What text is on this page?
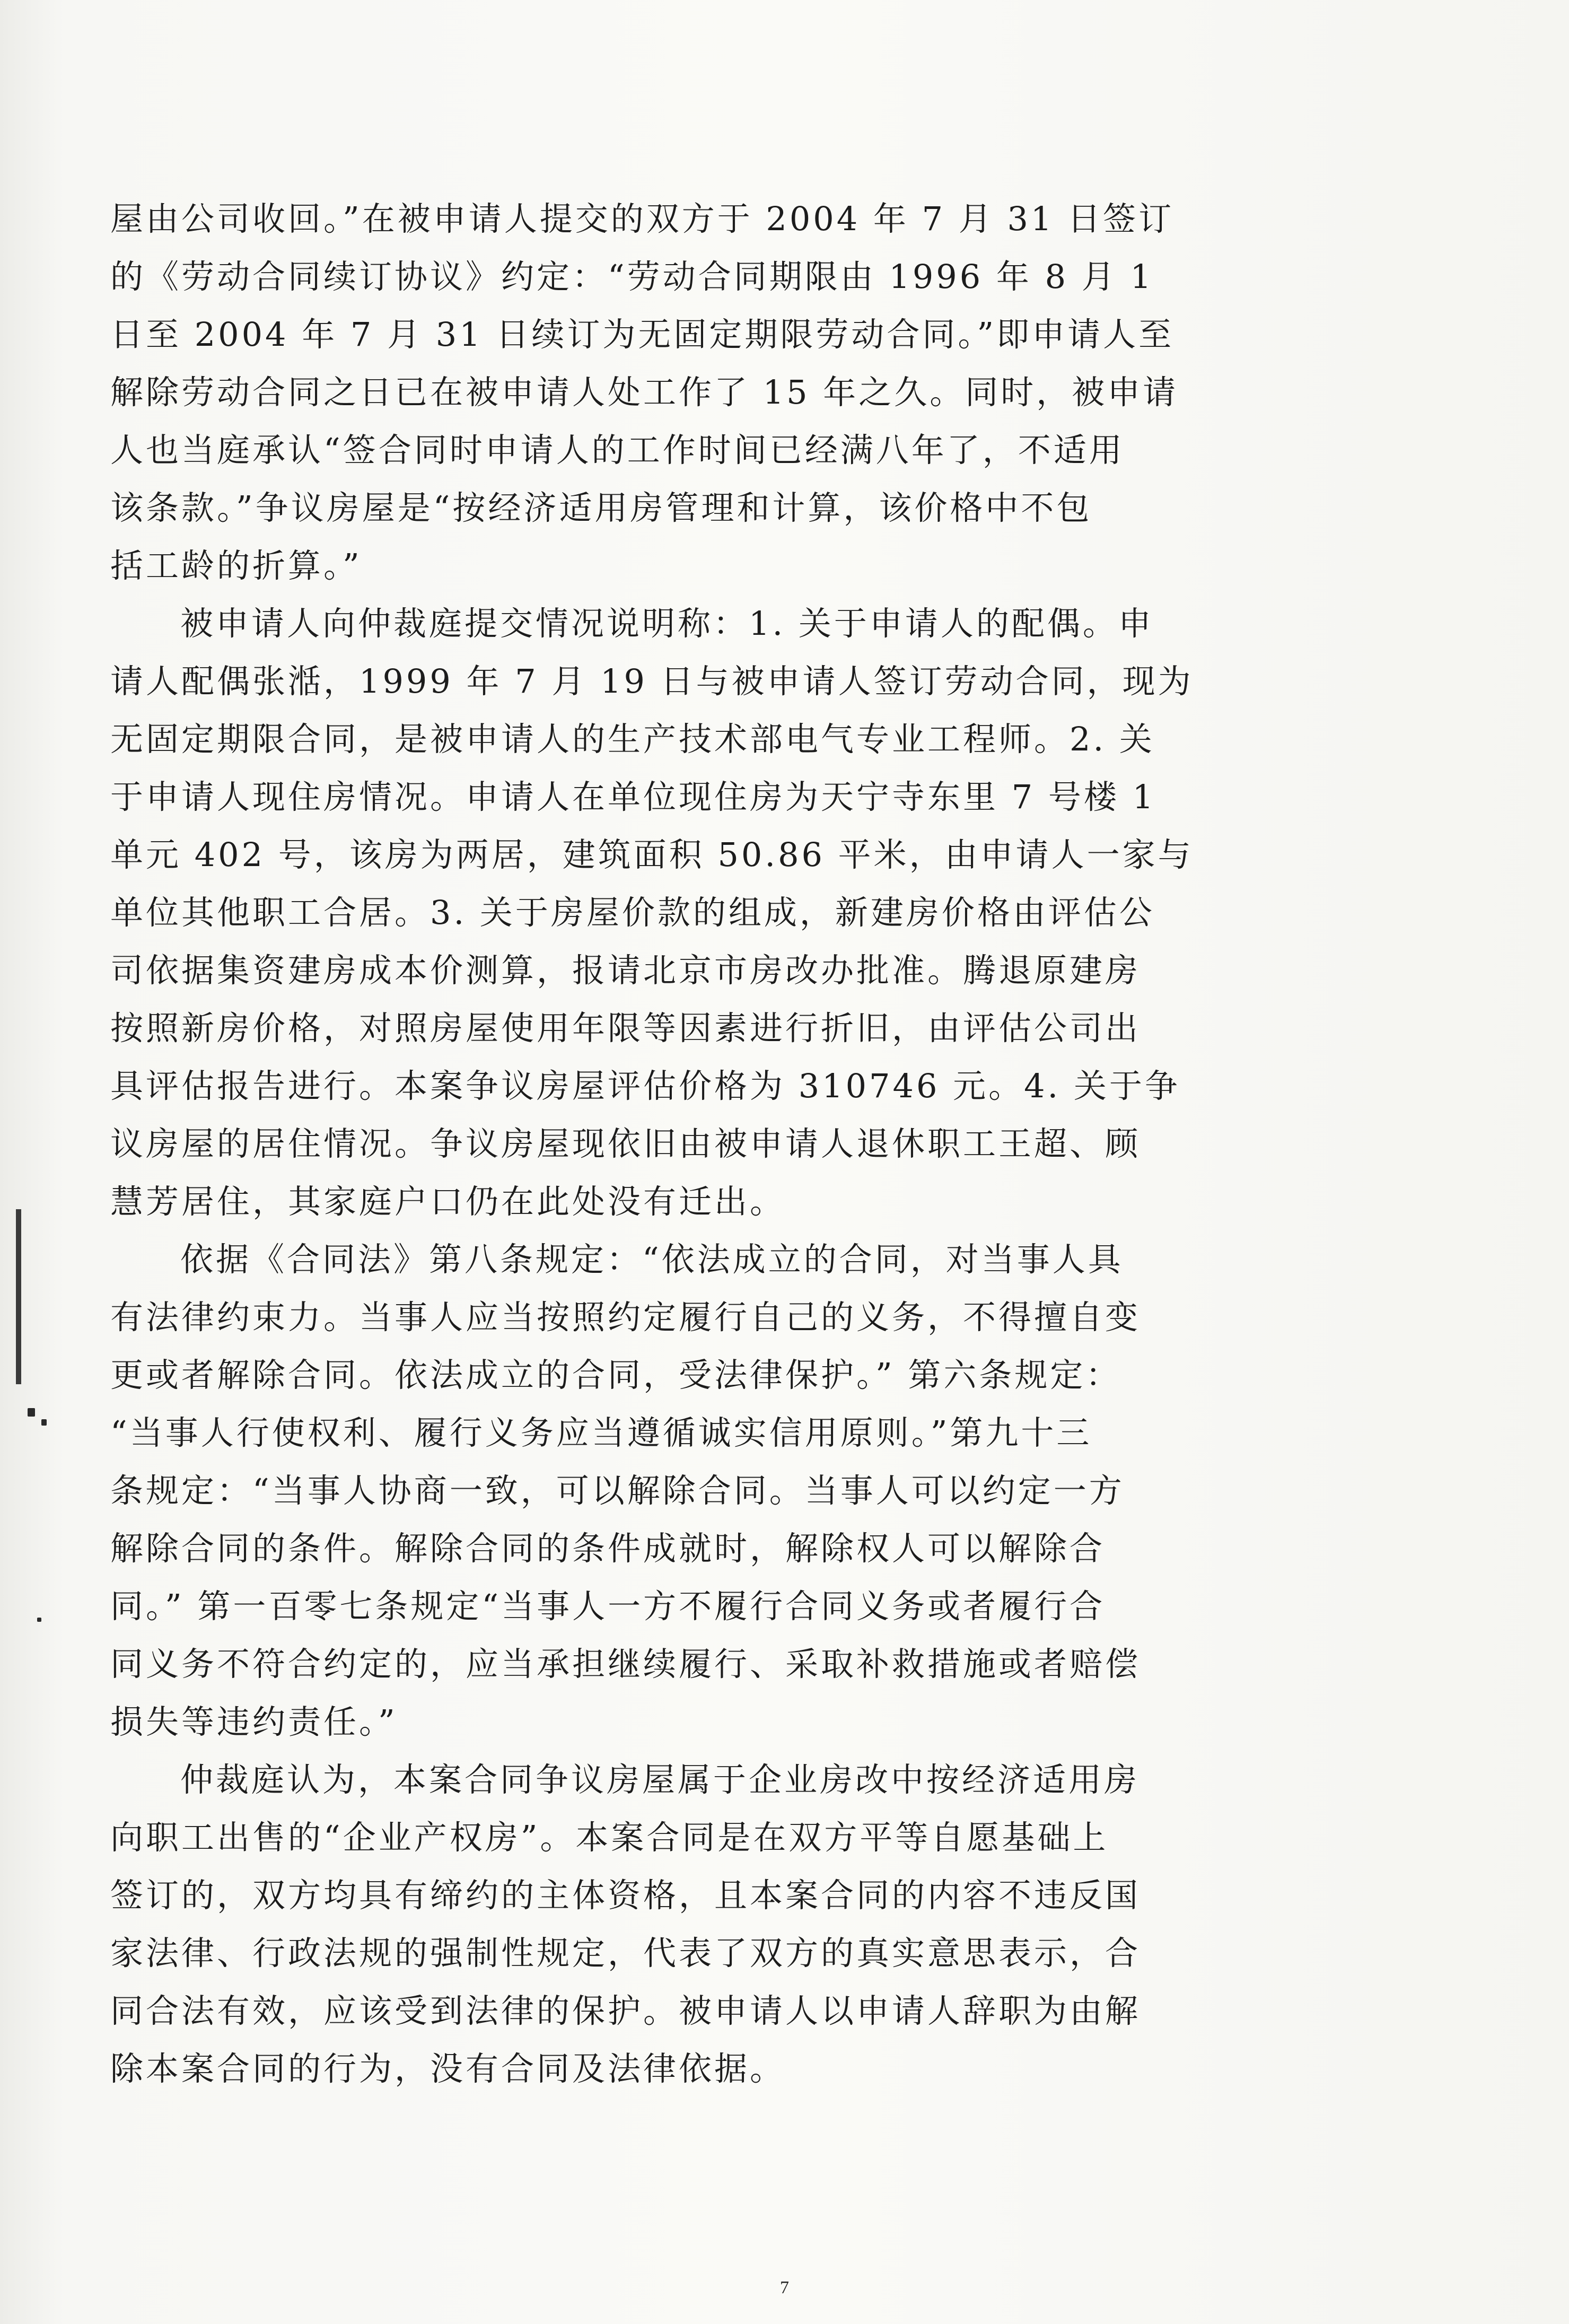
屋由公司收回。”在被申请人提交的双方于 2004 年 7 月 31 日签订
的《劳动合同续订协议》约定：“劳动合同期限由 1996 年 8 月 1
日至 2004 年 7 月 31 日续订为无固定期限劳动合同。”即申请人至
解除劳动合同之日已在被申请人处工作了 15 年之久。同时，被申请
人也当庭承认“签合同时申请人的工作时间已经满八年了，不适用
该条款。”争议房屋是“按经济适用房管理和计算，该价格中不包
括工龄的折算。”
被申请人向仲裁庭提交情况说明称：1. 关于申请人的配偶。申
请人配偶张湉，1999 年 7 月 19 日与被申请人签订劳动合同，现为
无固定期限合同，是被申请人的生产技术部电气专业工程师。2. 关
于申请人现住房情况。申请人在单位现住房为天宁寺东里 7 号楼 1
单元 402 号，该房为两居，建筑面积 50.86 平米，由申请人一家与
单位其他职工合居。3. 关于房屋价款的组成，新建房价格由评估公
司依据集资建房成本价测算，报请北京市房改办批准。腾退原建房
按照新房价格，对照房屋使用年限等因素进行折旧，由评估公司出
具评估报告进行。本案争议房屋评估价格为 310746 元。4. 关于争
议房屋的居住情况。争议房屋现依旧由被申请人退休职工王超、顾
慧芳居住，其家庭户口仍在此处没有迁出。
依据《合同法》第八条规定：“依法成立的合同，对当事人具
有法律约束力。当事人应当按照约定履行自己的义务，不得擅自变
更或者解除合同。依法成立的合同，受法律保护。” 第六条规定：
“当事人行使权利、履行义务应当遵循诚实信用原则。”第九十三
条规定：“当事人协商一致，可以解除合同。当事人可以约定一方
解除合同的条件。解除合同的条件成就时，解除权人可以解除合
同。” 第一百零七条规定“当事人一方不履行合同义务或者履行合
同义务不符合约定的，应当承担继续履行、采取补救措施或者赔偿
损失等违约责任。”
仲裁庭认为，本案合同争议房屋属于企业房改中按经济适用房
向职工出售的“企业产权房”。本案合同是在双方平等自愿基础上
签订的，双方均具有缔约的主体资格，且本案合同的内容不违反国
家法律、行政法规的强制性规定，代表了双方的真实意思表示，合
同合法有效，应该受到法律的保护。被申请人以申请人辞职为由解
除本案合同的行为，没有合同及法律依据。
7
